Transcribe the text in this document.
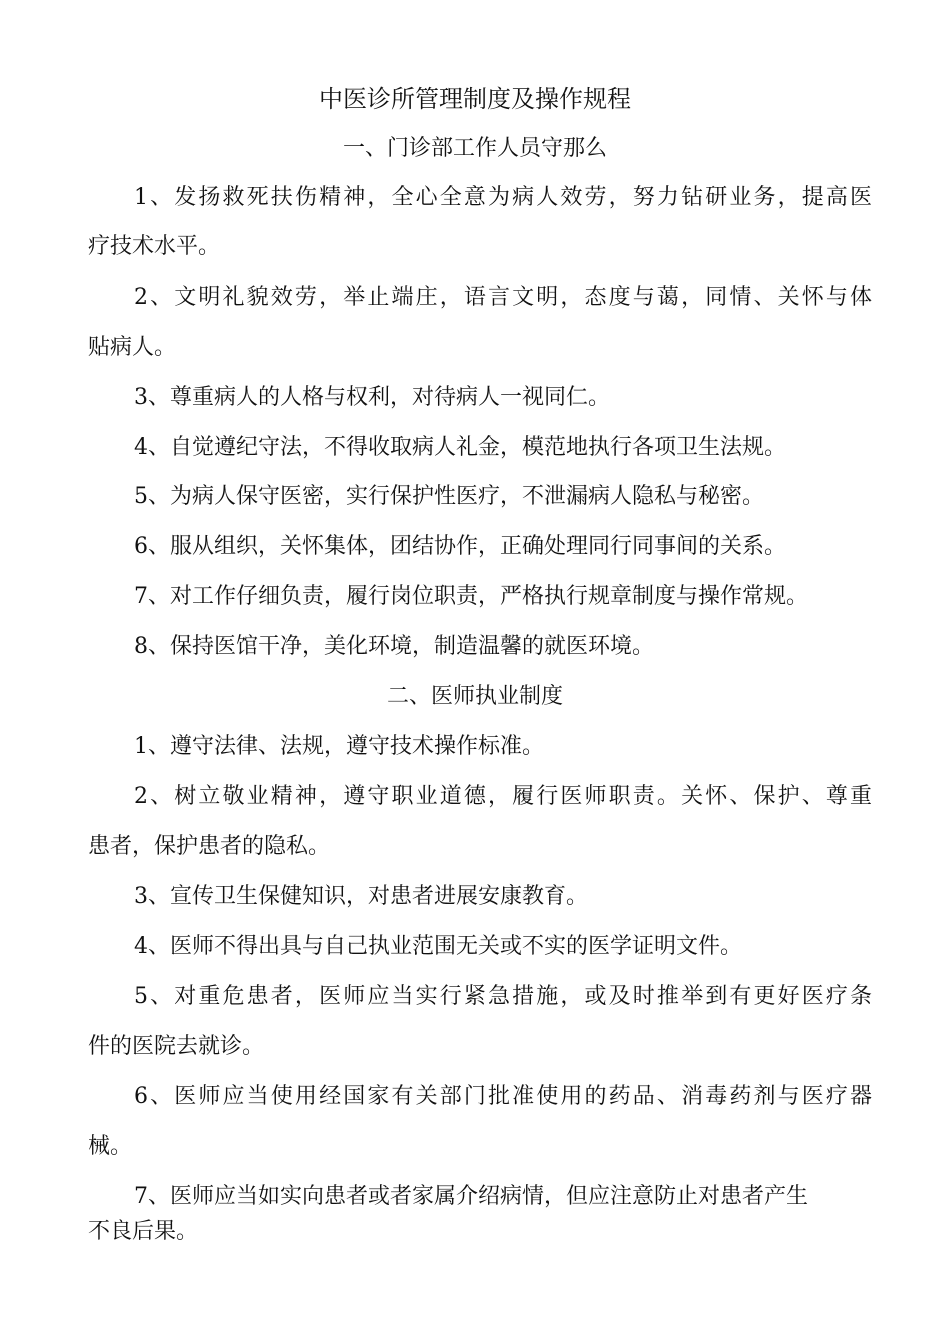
中医诊所管理制度及操作规程

一、门诊部工作人员守那么

1、发扬救死扶伤精神，全心全意为病人效劳，努力钻研业务，提高医

疗技术水平。

2、文明礼貌效劳，举止端庄，语言文明，态度与蔼，同情、关怀与体

贴病人。

3、尊重病人的人格与权利，对待病人一视同仁。

4、自觉遵纪守法，不得收取病人礼金，模范地执行各项卫生法规。

5、为病人保守医密，实行保护性医疗，不泄漏病人隐私与秘密。

6、服从组织，关怀集体，团结协作，正确处理同行同事间的关系。

7、对工作仔细负责，履行岗位职责，严格执行规章制度与操作常规。

8、保持医馆干净，美化环境，制造温馨的就医环境。

二、医师执业制度

1、遵守法律、法规，遵守技术操作标准。

2、树立敬业精神，遵守职业道德，履行医师职责。关怀、保护、尊重

患者，保护患者的隐私。

3、宣传卫生保健知识，对患者进展安康教育。

4、医师不得出具与自己执业范围无关或不实的医学证明文件。

5、对重危患者，医师应当实行紧急措施，或及时推举到有更好医疗条

件的医院去就诊。

6、医师应当使用经国家有关部门批准使用的药品、消毒药剂与医疗器

械。

7、医师应当如实向患者或者家属介绍病情，但应注意防止对患者产生

不良后果。
